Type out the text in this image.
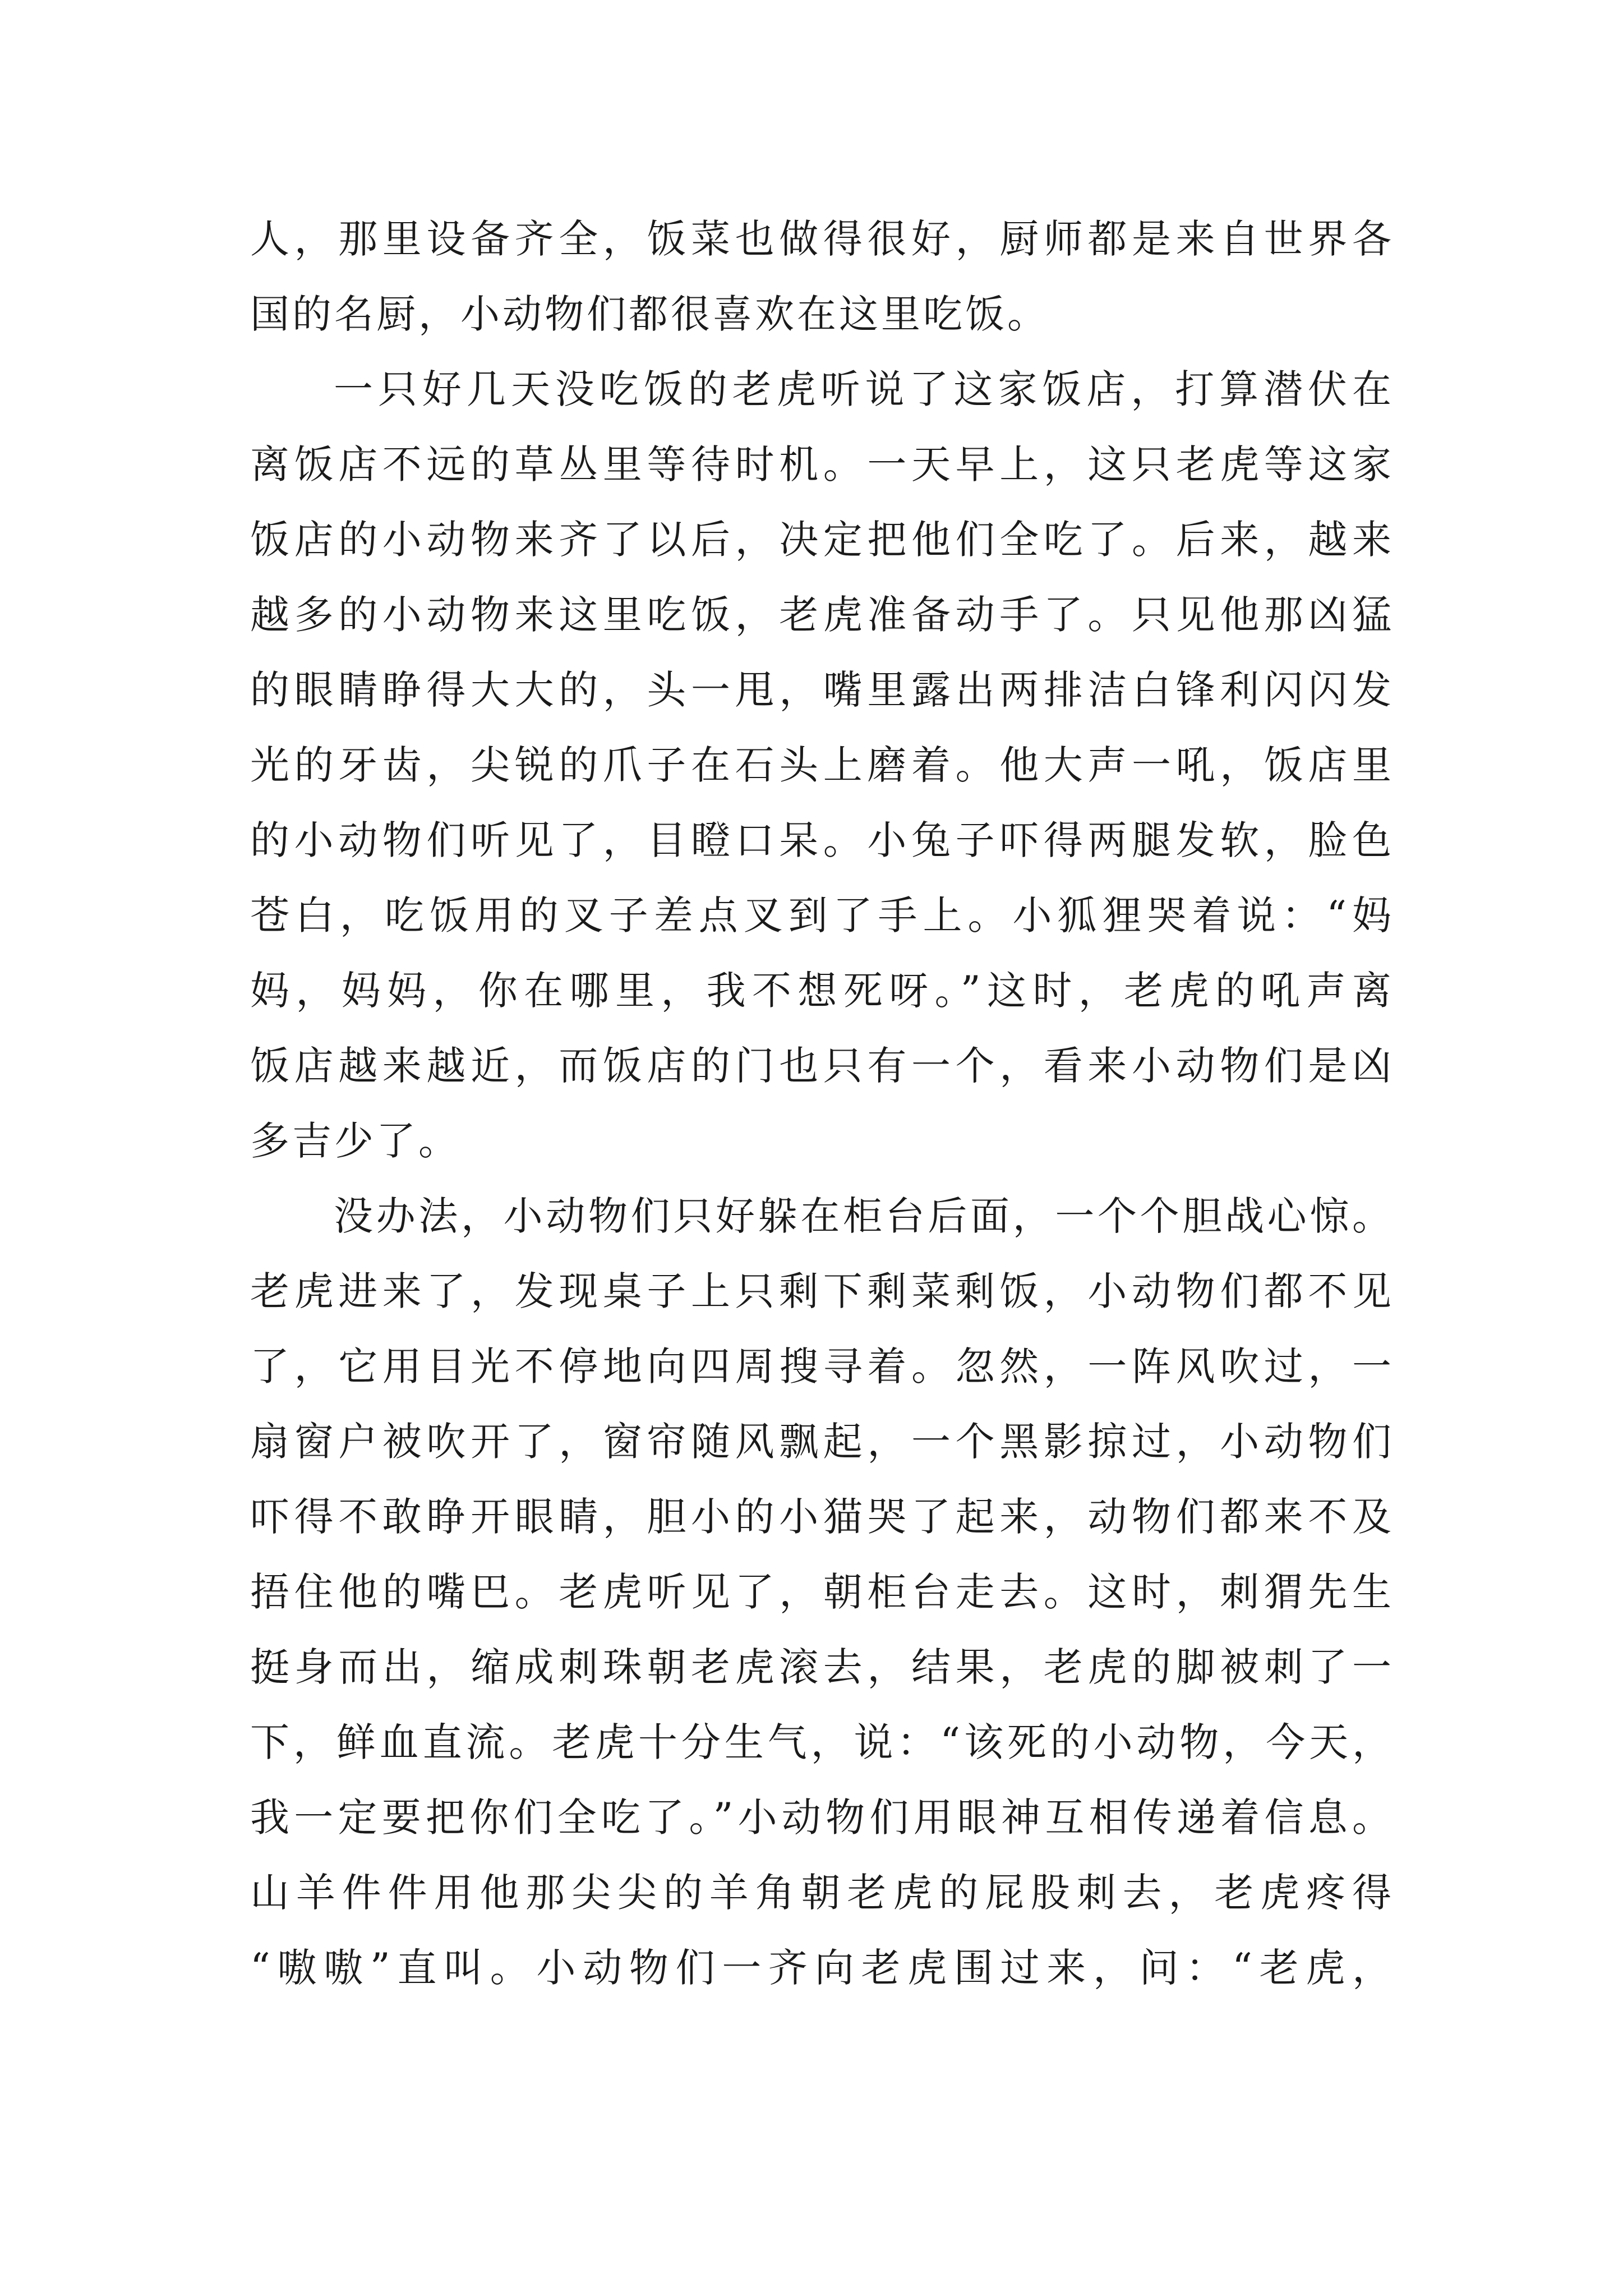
人，那里设备齐全，饭菜也做得很好，厨师都是来自世界各
国的名厨，小动物们都很喜欢在这里吃饭。
一只好几天没吃饭的老虎听说了这家饭店，打算潜伏在
离饭店不远的草丛里等待时机。一天早上，这只老虎等这家
饭店的小动物来齐了以后，决定把他们全吃了。后来，越来
越多的小动物来这里吃饭，老虎准备动手了。只见他那凶猛
的眼睛睁得大大的，头一甩，嘴里露出两排洁白锋利闪闪发
光的牙齿，尖锐的爪子在石头上磨着。他大声一吼，饭店里
的小动物们听见了，目瞪口呆。小兔子吓得两腿发软，脸色
苍白，吃饭用的叉子差点叉到了手上。小狐狸哭着说：“妈
妈，妈妈，你在哪里，我不想死呀。”这时，老虎的吼声离
饭店越来越近，而饭店的门也只有一个，看来小动物们是凶
多吉少了。
没办法，小动物们只好躲在柜台后面，一个个胆战心惊。
老虎进来了，发现桌子上只剩下剩菜剩饭，小动物们都不见
了，它用目光不停地向四周搜寻着。忽然，一阵风吹过，一
扇窗户被吹开了，窗帘随风飘起，一个黑影掠过，小动物们
吓得不敢睁开眼睛，胆小的小猫哭了起来，动物们都来不及
捂住他的嘴巴。老虎听见了，朝柜台走去。这时，刺猬先生
挺身而出，缩成刺珠朝老虎滚去，结果，老虎的脚被刺了一
下，鲜血直流。老虎十分生气，说：“该死的小动物，今天，
我一定要把你们全吃了。”小动物们用眼神互相传递着信息。
山羊件件用他那尖尖的羊角朝老虎的屁股刺去，老虎疼得
“嗷嗷”直叫。小动物们一齐向老虎围过来，问：“老虎，
